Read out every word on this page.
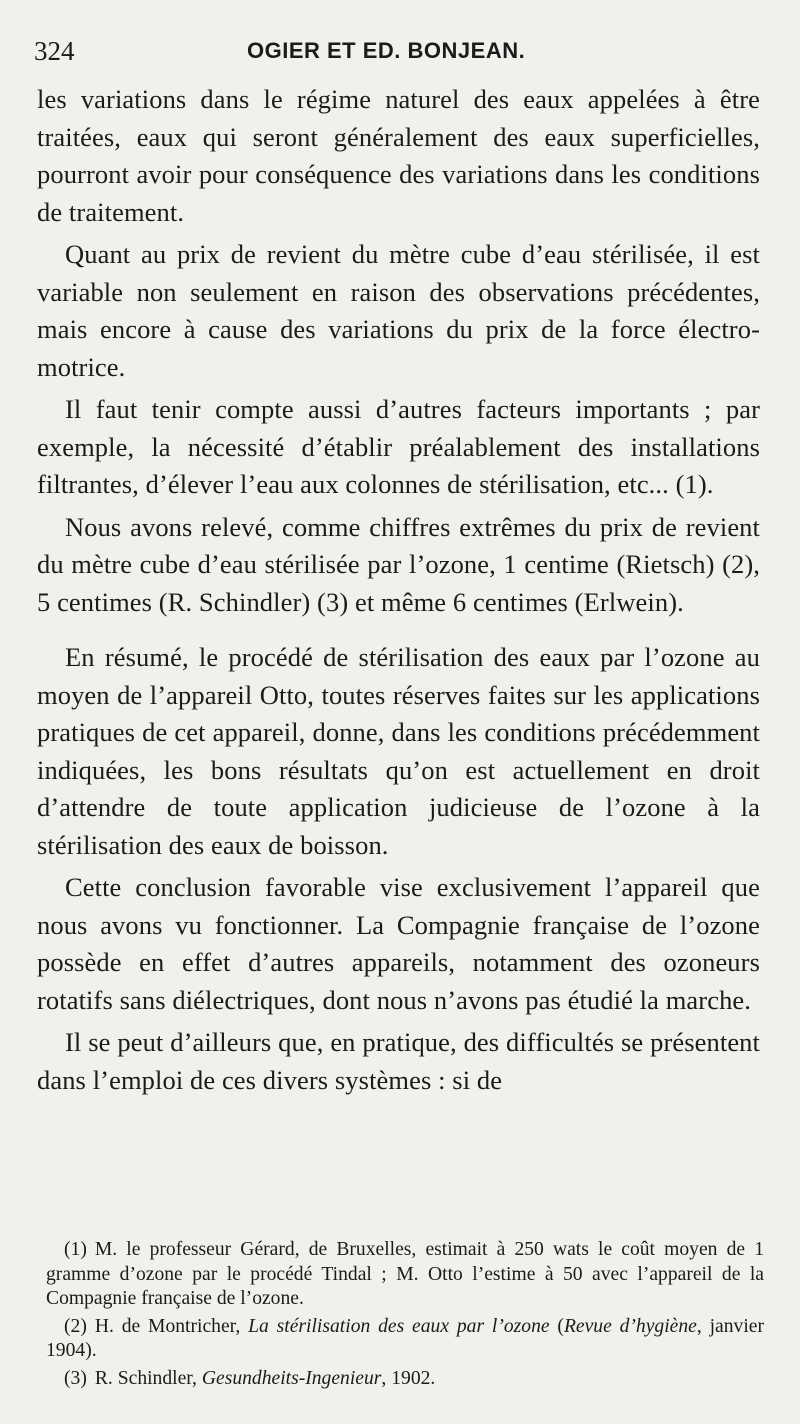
324	OGIER ET ED. BONJEAN.

les variations dans le régime naturel des eaux appelées à être traitées, eaux qui seront généralement des eaux superficielles, pourront avoir pour conséquence des variations dans les conditions de traitement.

Quant au prix de revient du mètre cube d’eau stérilisée, il est variable non seulement en raison des observations précédentes, mais encore à cause des variations du prix de la force électro-motrice.

Il faut tenir compte aussi d’autres facteurs importants ; par exemple, la nécessité d’établir préalablement des installations filtrantes, d’élever l’eau aux colonnes de stérilisation, etc... (1).

Nous avons relevé, comme chiffres extrêmes du prix de revient du mètre cube d’eau stérilisée par l’ozone, 1 centime (Rietsch) (2), 5 centimes (R. Schindler) (3) et même 6 centimes (Erlwein).

En résumé, le procédé de stérilisation des eaux par l’ozone au moyen de l’appareil Otto, toutes réserves faites sur les applications pratiques de cet appareil, donne, dans les conditions précédemment indiquées, les bons résultats qu’on est actuellement en droit d’attendre de toute application judicieuse de l’ozone à la stérilisation des eaux de boisson.

Cette conclusion favorable vise exclusivement l’appareil que nous avons vu fonctionner. La Compagnie française de l’ozone possède en effet d’autres appareils, notamment des ozoneurs rotatifs sans diélectriques, dont nous n’avons pas étudié la marche.

Il se peut d’ailleurs que, en pratique, des difficultés se présentent dans l’emploi de ces divers systèmes : si de

(1) M. le professeur Gérard, de Bruxelles, estimait à 250 wats le coût moyen de 1 gramme d’ozone par le procédé Tindal ; M. Otto l’estime à 50 avec l’appareil de la Compagnie française de l’ozone.

(2) H. de Montricher, La stérilisation des eaux par l’ozone (Revue d’hygiène, janvier 1904).

(3) R. Schindler, Gesundheits-Ingenieur, 1902.
